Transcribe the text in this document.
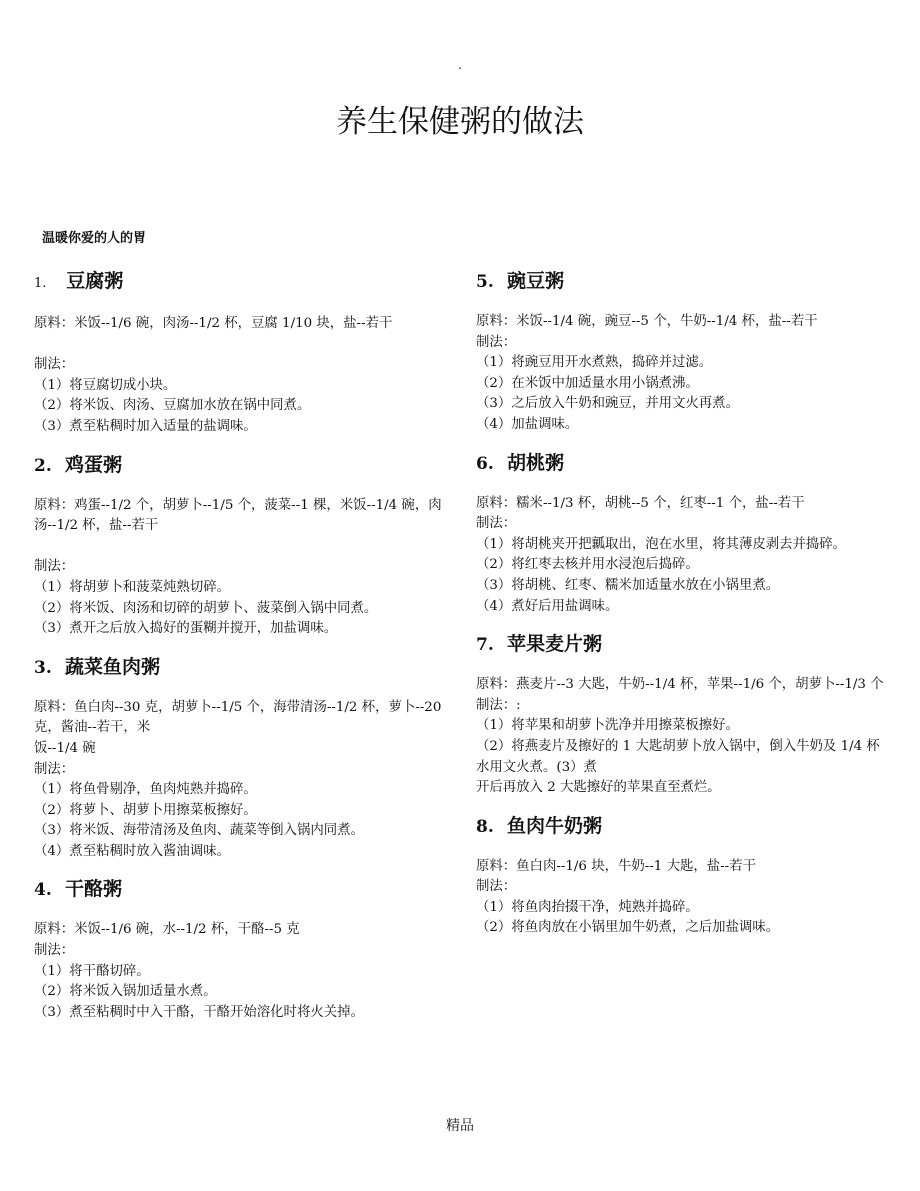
.
养生保健粥的做法
温暖你爱的人的胃
1. 豆腐粥

原料：米饭--1/6 碗，肉汤--1/2 杯，豆腐 1/10 块，盐--若干

制法：
（1）将豆腐切成小块。
（2）将米饭、肉汤、豆腐加水放在锅中同煮。
（3）煮至粘稠时加入适量的盐调味。
2. 鸡蛋粥

原料：鸡蛋--1/2 个，胡萝卜--1/5 个，菠菜--1 棵，米饭--1/4 碗，肉汤--1/2 杯，盐--若干

制法：
（1）将胡萝卜和菠菜炖熟切碎。
（2）将米饭、肉汤和切碎的胡萝卜、菠菜倒入锅中同煮。
（3）煮开之后放入捣好的蛋糊并搅开，加盐调味。
3. 蔬菜鱼肉粥

原料：鱼白肉--30 克，胡萝卜--1/5 个，海带清汤--1/2 杯，萝卜--20 克，酱油--若干，米

饭--1/4 碗
制法：
（1）将鱼骨剔净，鱼肉炖熟并捣碎。
（2）将萝卜、胡萝卜用擦菜板擦好。
（3）将米饭、海带清汤及鱼肉、蔬菜等倒入锅内同煮。
（4）煮至粘稠时放入酱油调味。
4. 干酪粥

原料：米饭--1/6 碗，水--1/2 杯，干酪--5 克

制法：
（1）将干酪切碎。
（2）将米饭入锅加适量水煮。
（3）煮至粘稠时中入干酪，干酪开始溶化时将火关掉。
5. 豌豆粥

原料：米饭--1/4 碗，豌豆--5 个，牛奶--1/4 杯，盐--若干

制法：
（1）将豌豆用开水煮熟，捣碎并过滤。
（2）在米饭中加适量水用小锅煮沸。
（3）之后放入牛奶和豌豆，并用文火再煮。
（4）加盐调味。
6. 胡桃粥

原料：糯米--1/3 杯，胡桃--5 个，红枣--1 个，盐--若干

制法：
（1）将胡桃夹开把瓤取出，泡在水里，将其薄皮剥去并捣碎。
（2）将红枣去核并用水浸泡后捣碎。
（3）将胡桃、红枣、糯米加适量水放在小锅里煮。
（4）煮好后用盐调味。
7. 苹果麦片粥

原料：燕麦片--3 大匙，牛奶--1/4 杯，苹果--1/6 个，胡萝卜--1/3 个

制法：:
（1）将苹果和胡萝卜洗净并用擦菜板擦好。
（2）将燕麦片及擦好的 1 大匙胡萝卜放入锅中，倒入牛奶及 1/4 杯水用文火煮。(3）煮
开后再放入 2 大匙擦好的苹果直至煮烂。
8. 鱼肉牛奶粥

原料：鱼白肉--1/6 块，牛奶--1 大匙，盐--若干

制法：
（1）将鱼肉抬掇干净，炖熟并捣碎。
（2）将鱼肉放在小锅里加牛奶煮，之后加盐调味。
精品
